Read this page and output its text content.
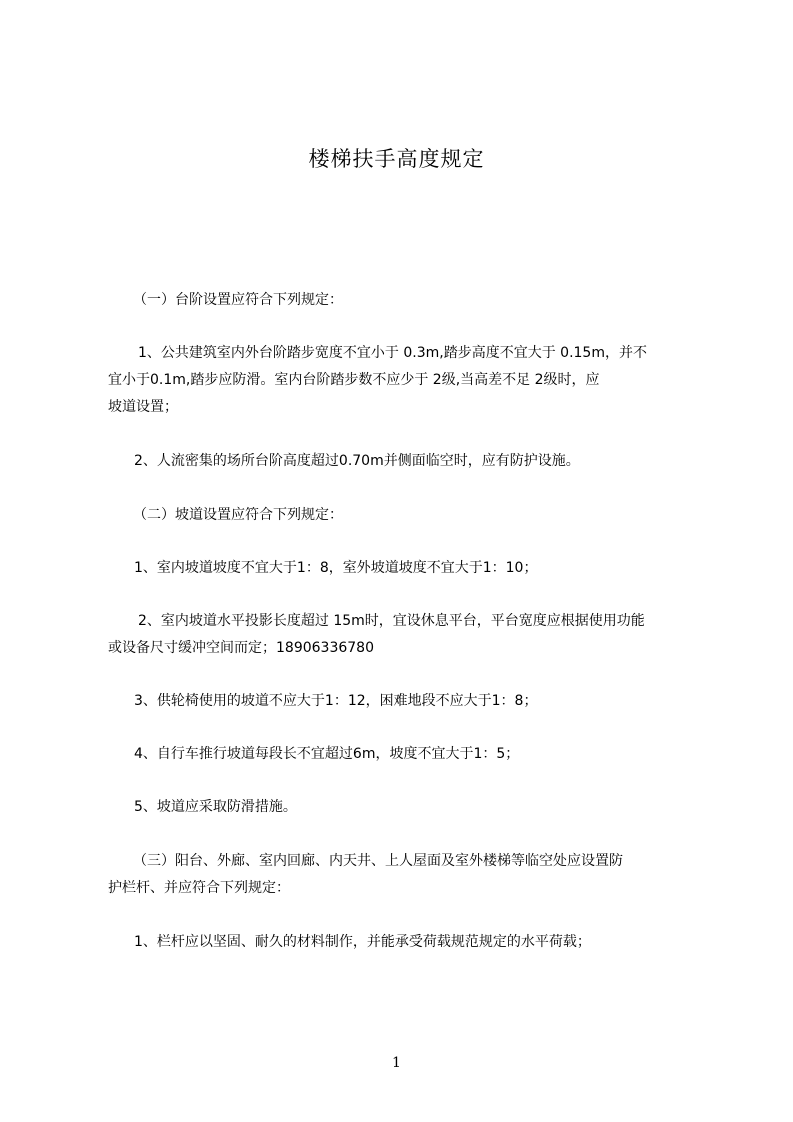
楼梯扶手高度规定
（一）台阶设置应符合下列规定：
1、公共建筑室内外台阶踏步宽度不宜小于 0.3m,踏步高度不宜大于 0.15m，并不
宜小于0.1m,踏步应防滑。室内台阶踏步数不应少于 2级,当高差不足 2级时，应
坡道设置；
2、人流密集的场所台阶高度超过0.70m并侧面临空时，应有防护设施。
（二）坡道设置应符合下列规定：
1、室内坡道坡度不宜大于1：8，室外坡道坡度不宜大于1：10；
2、室内坡道水平投影长度超过 15m时，宜设休息平台，平台宽度应根据使用功能
或设备尺寸缓冲空间而定；18906336780
3、供轮椅使用的坡道不应大于1：12，困难地段不应大于1：8；
4、自行车推行坡道每段长不宜超过6m，坡度不宜大于1：5；
5、坡道应采取防滑措施。
（三）阳台、外廊、室内回廊、内天井、上人屋面及室外楼梯等临空处应设置防
护栏杆、并应符合下列规定：
1、栏杆应以坚固、耐久的材料制作，并能承受荷载规范规定的水平荷载；
1
